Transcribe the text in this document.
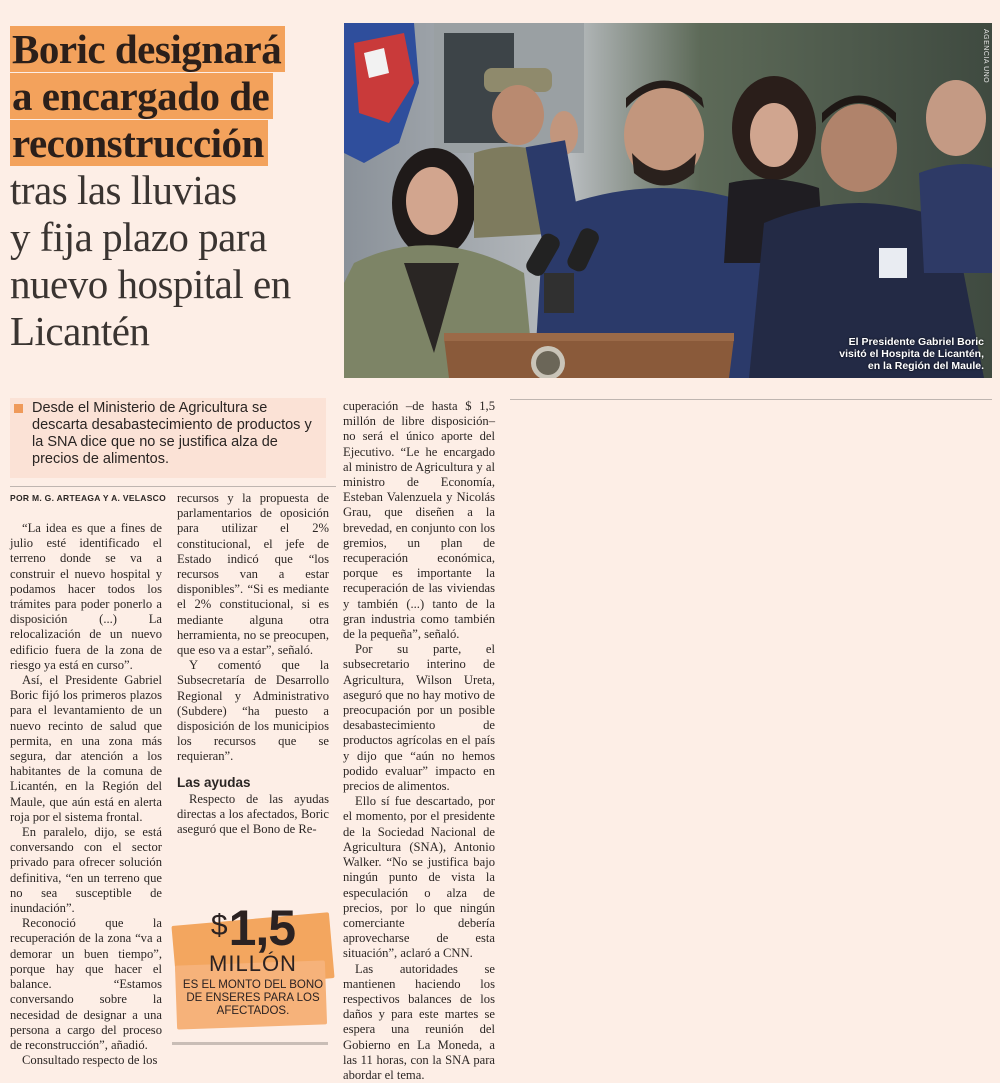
Boric designará
a encargado de
reconstrucción
tras las lluvias
y fija plazo para
nuevo hospital en
Licantén
AGENCIA UNO
El Presidente Gabriel Boric visitó el Hospita de Licantén, en la Región del Maule.
Desde el Ministerio de Agricultura se descarta desabastecimiento de productos y la SNA dice que no se justifica alza de precios de alimentos.
POR M. G. ARTEAGA Y A. VELASCO

“La idea es que a fines de julio esté identificado el terreno donde se va a construir el nuevo hospital y podamos hacer todos los trámites para poder ponerlo a disposición (...) La relocalización de un nuevo edificio fuera de la zona de riesgo ya está en curso”.

Así, el Presidente Gabriel Boric fijó los primeros plazos para el levantamiento de un nuevo recinto de salud que permita, en una zona más segura, dar atención a los habitantes de la comuna de Licantén, en la Región del Maule, que aún está en alerta roja por el sistema frontal.

En paralelo, dijo, se está conversando con el sector privado para ofrecer solución definitiva, “en un terreno que no sea susceptible de inundación”.

Reconoció que la recuperación de la zona “va a demorar un buen tiempo”, porque hay que hacer el balance. “Estamos conversando sobre la necesidad de designar a una persona a cargo del proceso de reconstrucción”, añadió.

Consultado respecto de los

recursos y la propuesta de parlamentarios de oposición para utilizar el 2% constitucional, el jefe de Estado indicó que “los recursos van a estar disponibles”. “Si es mediante el 2% constitucional, si es mediante alguna otra herramienta, no se preocupen, que eso va a estar”, señaló.

Y comentó que la Subsecretaría de Desarrollo Regional y Administrativo (Subdere) “ha puesto a disposición de los municipios los recursos que se requieran”.

Las ayudas

Respecto de las ayudas directas a los afectados, Boric aseguró que el Bono de Re-

cuperación –de hasta $ 1,5 millón de libre disposición– no será el único aporte del Ejecutivo. “Le he encargado al ministro de Agricultura y al ministro de Economía, Esteban Valenzuela y Nicolás Grau, que diseñen a la brevedad, en conjunto con los gremios, un plan de recuperación económica, porque es importante la recuperación de las viviendas y también (...) tanto de la gran industria como también de la pequeña”, señaló.

Por su parte, el subsecretario interino de Agricultura, Wilson Ureta, aseguró que no hay motivo de preocupación por un posible desabastecimiento de productos agrícolas en el país y dijo que “aún no hemos podido evaluar” impacto en precios de alimentos.

Ello sí fue descartado, por el momento, por el presidente de la Sociedad Nacional de Agricultura (SNA), Antonio Walker. “No se justifica bajo ningún punto de vista la especulación o alza de precios, por lo que ningún comerciante debería aprovecharse de esta situación”, aclaró a CNN.

Las autoridades se mantienen haciendo los respectivos balances de los daños y para este martes se espera una reunión del Gobierno en La Moneda, a las 11 horas, con la SNA para abordar el tema.

$1,5
MILLÓN
ES EL MONTO DEL BONO DE ENSERES PARA LOS AFECTADOS.
